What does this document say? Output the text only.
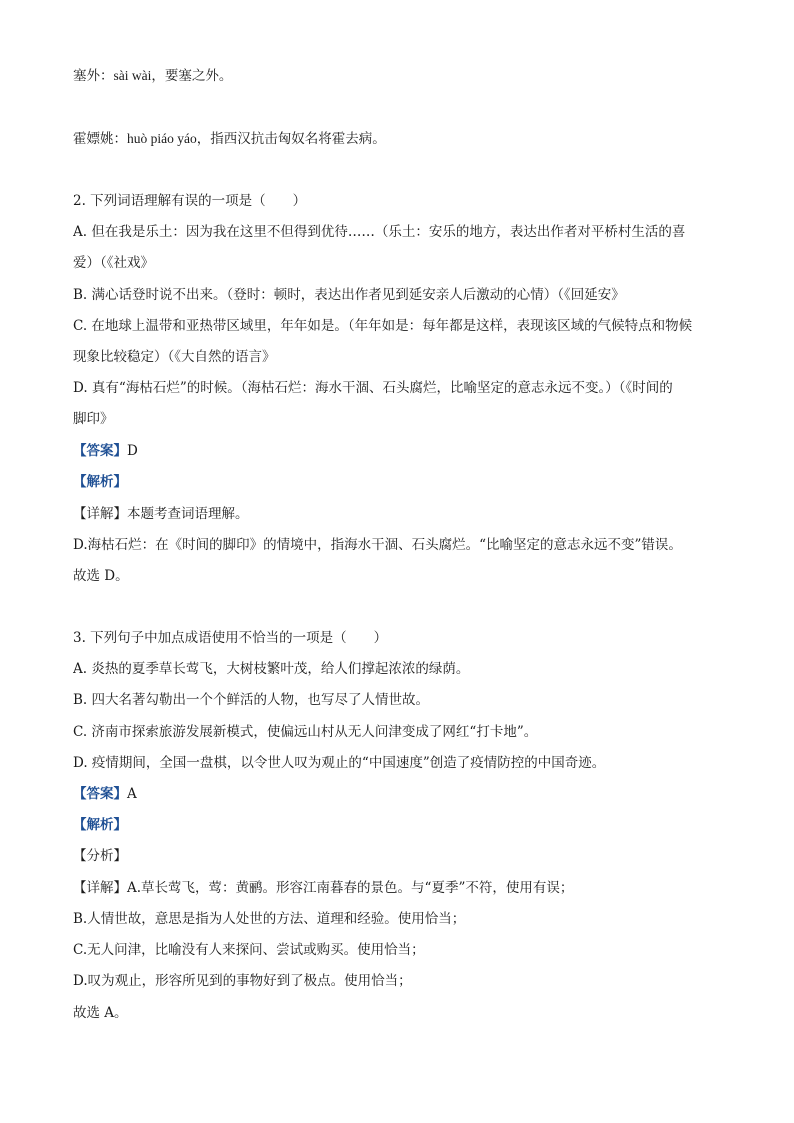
塞外：sài wài，要塞之外。
霍嫖姚：huò piáo yáo，指西汉抗击匈奴名将霍去病。
2. 下列词语理解有误的一项是（　　）
A. 但在我是乐土：因为我在这里不但得到优待……（乐土：安乐的地方，表达出作者对平桥村生活的喜
爱）（《社戏》
B. 满心话登时说不出来。（登时：顿时，表达出作者见到延安亲人后激动的心情）（《回延安》
C. 在地球上温带和亚热带区域里，年年如是。（年年如是：每年都是这样，表现该区域的气候特点和物候
现象比较稳定）（《大自然的语言》
D. 真有“海枯石烂”的时候。（海枯石烂：海水干涸、石头腐烂，比喻坚定的意志永远不变。）（《时间的
脚印》
【答案】D
【解析】
【详解】本题考查词语理解。
D.海枯石烂：在《时间的脚印》的情境中，指海水干涸、石头腐烂。“比喻坚定的意志永远不变”错误。
故选 D。
3. 下列句子中加点成语使用不恰当的一项是（　　）
A. 炎热的夏季草长莺飞，大树枝繁叶茂，给人们撑起浓浓的绿荫。
B. 四大名著勾勒出一个个鲜活的人物，也写尽了人情世故。
C. 济南市探索旅游发展新模式，使偏远山村从无人问津变成了网红“打卡地”。
D. 疫情期间，全国一盘棋，以令世人叹为观止的“中国速度”创造了疫情防控的中国奇迹。
【答案】A
【解析】
【分析】
【详解】A.草长莺飞，莺：黄鹂。形容江南暮春的景色。与“夏季”不符，使用有误；
B.人情世故，意思是指为人处世的方法、道理和经验。使用恰当；
C.无人问津，比喻没有人来探问、尝试或购买。使用恰当；
D.叹为观止，形容所见到的事物好到了极点。使用恰当；
故选 A。
